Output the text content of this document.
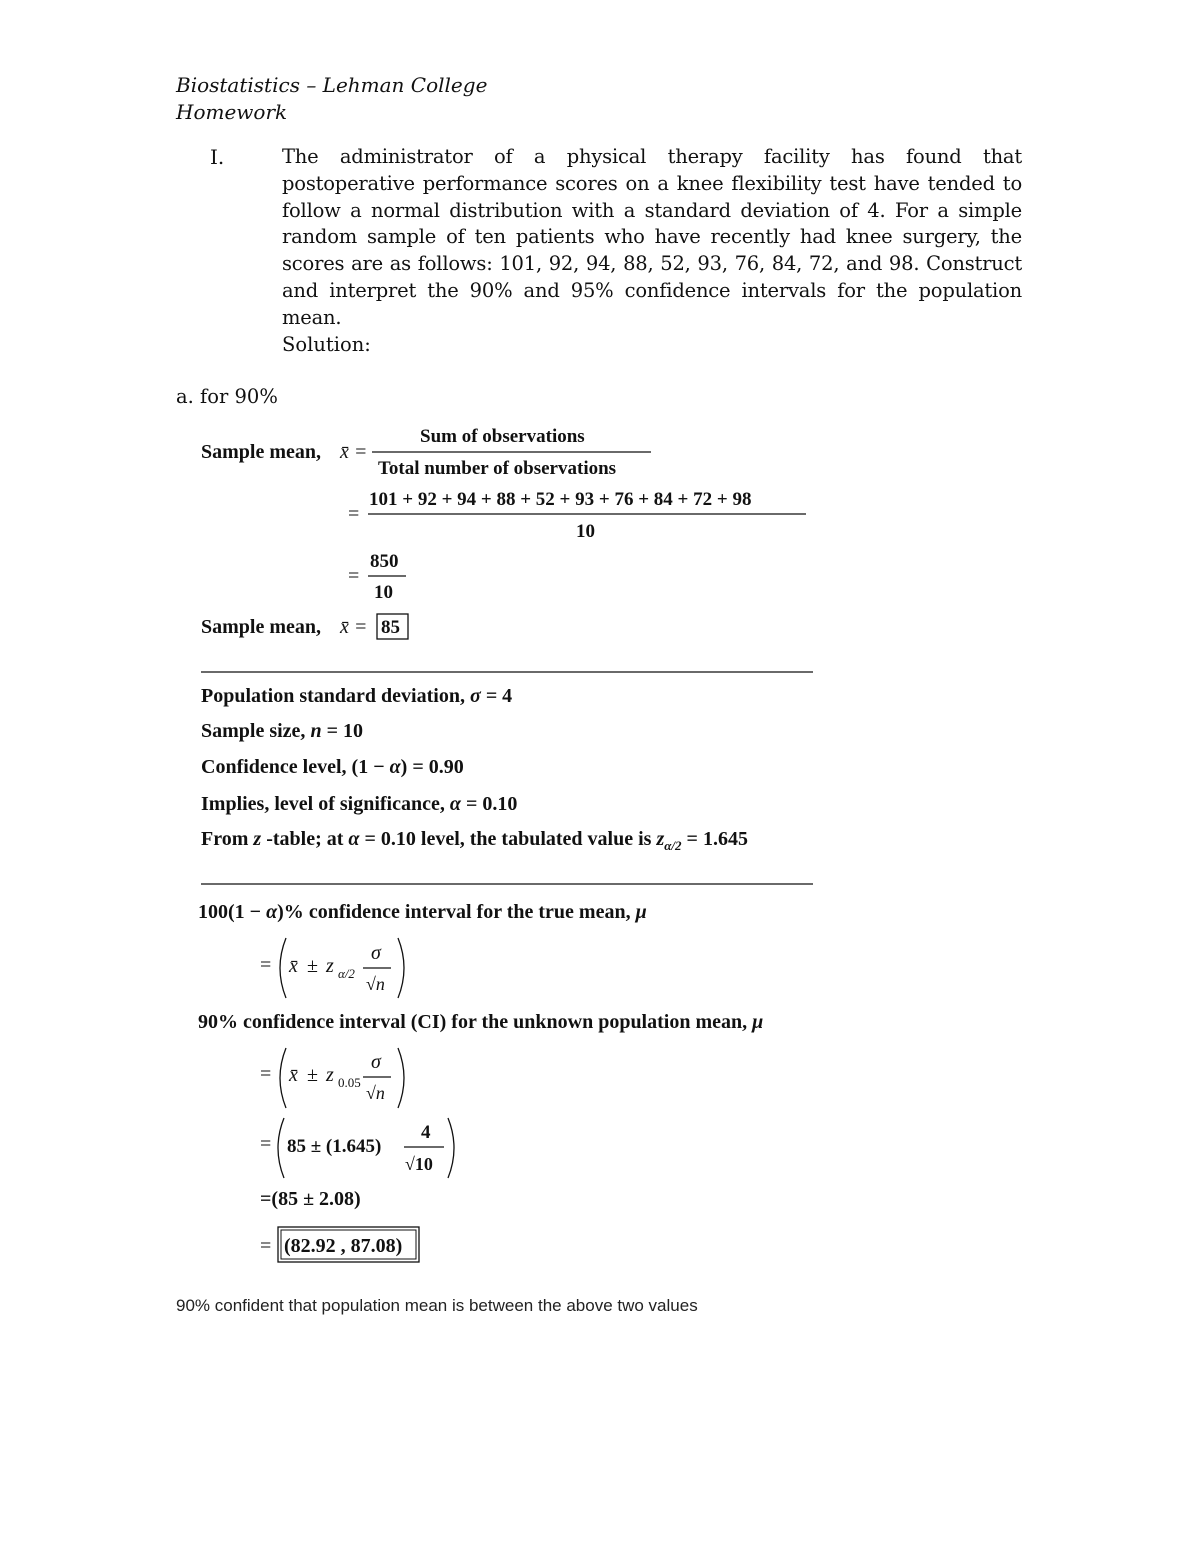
Biostatistics – Lehman College
Homework
I.	The administrator of a physical therapy facility has found that postoperative performance scores on a knee flexibility test have tended to follow a normal distribution with a standard deviation of 4. For a simple random sample of ten patients who have recently had knee surgery, the scores are as follows: 101, 92, 94, 88, 52, 93, 76, 84, 72, and 98. Construct and interpret the 90% and 95% confidence intervals for the population mean.
Solution:
a. for 90%
Sample mean, x̄ =
Sum of observations
Total number of observations
=
101 + 92 + 94 + 88 + 52 + 93 + 76 + 84 + 72 + 98
10
=
850
10
Sample mean, x̄ = 85
Population standard deviation, σ = 4
Sample size, n = 10
Confidence level, (1 − α) = 0.90
Implies, level of significance, α = 0.10
From z -table; at α = 0.10 level, the tabulated value is $z_{\alpha/2} = 1.645$
100(1 − α)% confidence interval for the true mean, μ
= x̄ ± z α/2
σ
√n
90% confidence interval (CI) for the unknown population mean, μ
= x̄ ± z 0.05
σ
√n
= 85 ± (1.645)
4
√10
=(85 ± 2.08)
= (82.92 , 87.08)
90% confident that population mean is between the above two values
